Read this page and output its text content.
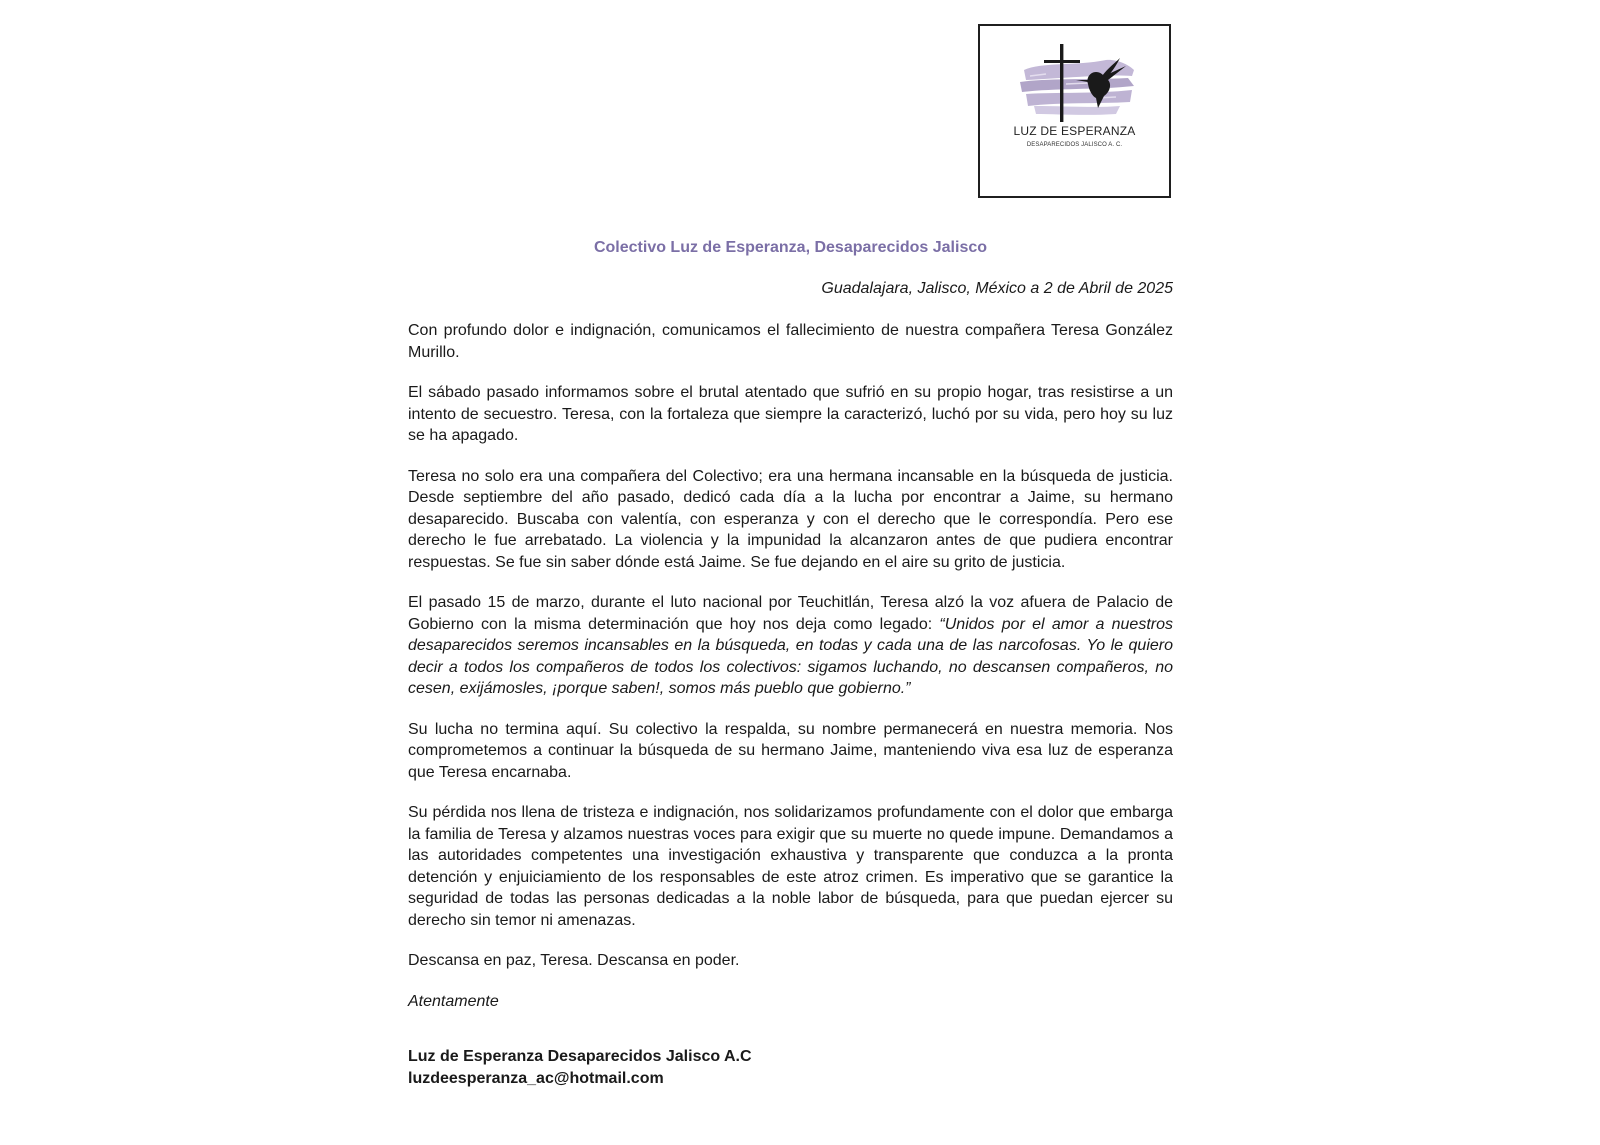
LUZ DE ESPERANZA
DESAPARECIDOS JALISCO A. C.
Colectivo Luz de Esperanza, Desaparecidos Jalisco
Guadalajara, Jalisco, México a 2 de Abril de 2025

Con profundo dolor e indignación, comunicamos el fallecimiento de nuestra compañera Teresa González Murillo.

El sábado pasado informamos sobre el brutal atentado que sufrió en su propio hogar, tras resistirse a un intento de secuestro. Teresa, con la fortaleza que siempre la caracterizó, luchó por su vida, pero hoy su luz se ha apagado.

Teresa no solo era una compañera del Colectivo; era una hermana incansable en la búsqueda de justicia. Desde septiembre del año pasado, dedicó cada día a la lucha por encontrar a Jaime, su hermano desaparecido. Buscaba con valentía, con esperanza y con el derecho que le correspondía. Pero ese derecho le fue arrebatado. La violencia y la impunidad la alcanzaron antes de que pudiera encontrar respuestas. Se fue sin saber dónde está Jaime. Se fue dejando en el aire su grito de justicia.

El pasado 15 de marzo, durante el luto nacional por Teuchitlán, Teresa alzó la voz afuera de Palacio de Gobierno con la misma determinación que hoy nos deja como legado: “Unidos por el amor a nuestros desaparecidos seremos incansables en la búsqueda, en todas y cada una de las narcofosas. Yo le quiero decir a todos los compañeros de todos los colectivos: sigamos luchando, no descansen compañeros, no cesen, exijámosles, ¡porque saben!, somos más pueblo que gobierno.”

Su lucha no termina aquí. Su colectivo la respalda, su nombre permanecerá en nuestra memoria. Nos comprometemos a continuar la búsqueda de su hermano Jaime, manteniendo viva esa luz de esperanza que Teresa encarnaba.

Su pérdida nos llena de tristeza e indignación, nos solidarizamos profundamente con el dolor que embarga la familia de Teresa y alzamos nuestras voces para exigir que su muerte no quede impune. Demandamos a las autoridades competentes una investigación exhaustiva y transparente que conduzca a la pronta detención y enjuiciamiento de los responsables de este atroz crimen. Es imperativo que se garantice la seguridad de todas las personas dedicadas a la noble labor de búsqueda, para que puedan ejercer su derecho sin temor ni amenazas.

Descansa en paz, Teresa. Descansa en poder.

Atentamente

Luz de Esperanza Desaparecidos Jalisco A.C
luzdeesperanza_ac@hotmail.com
